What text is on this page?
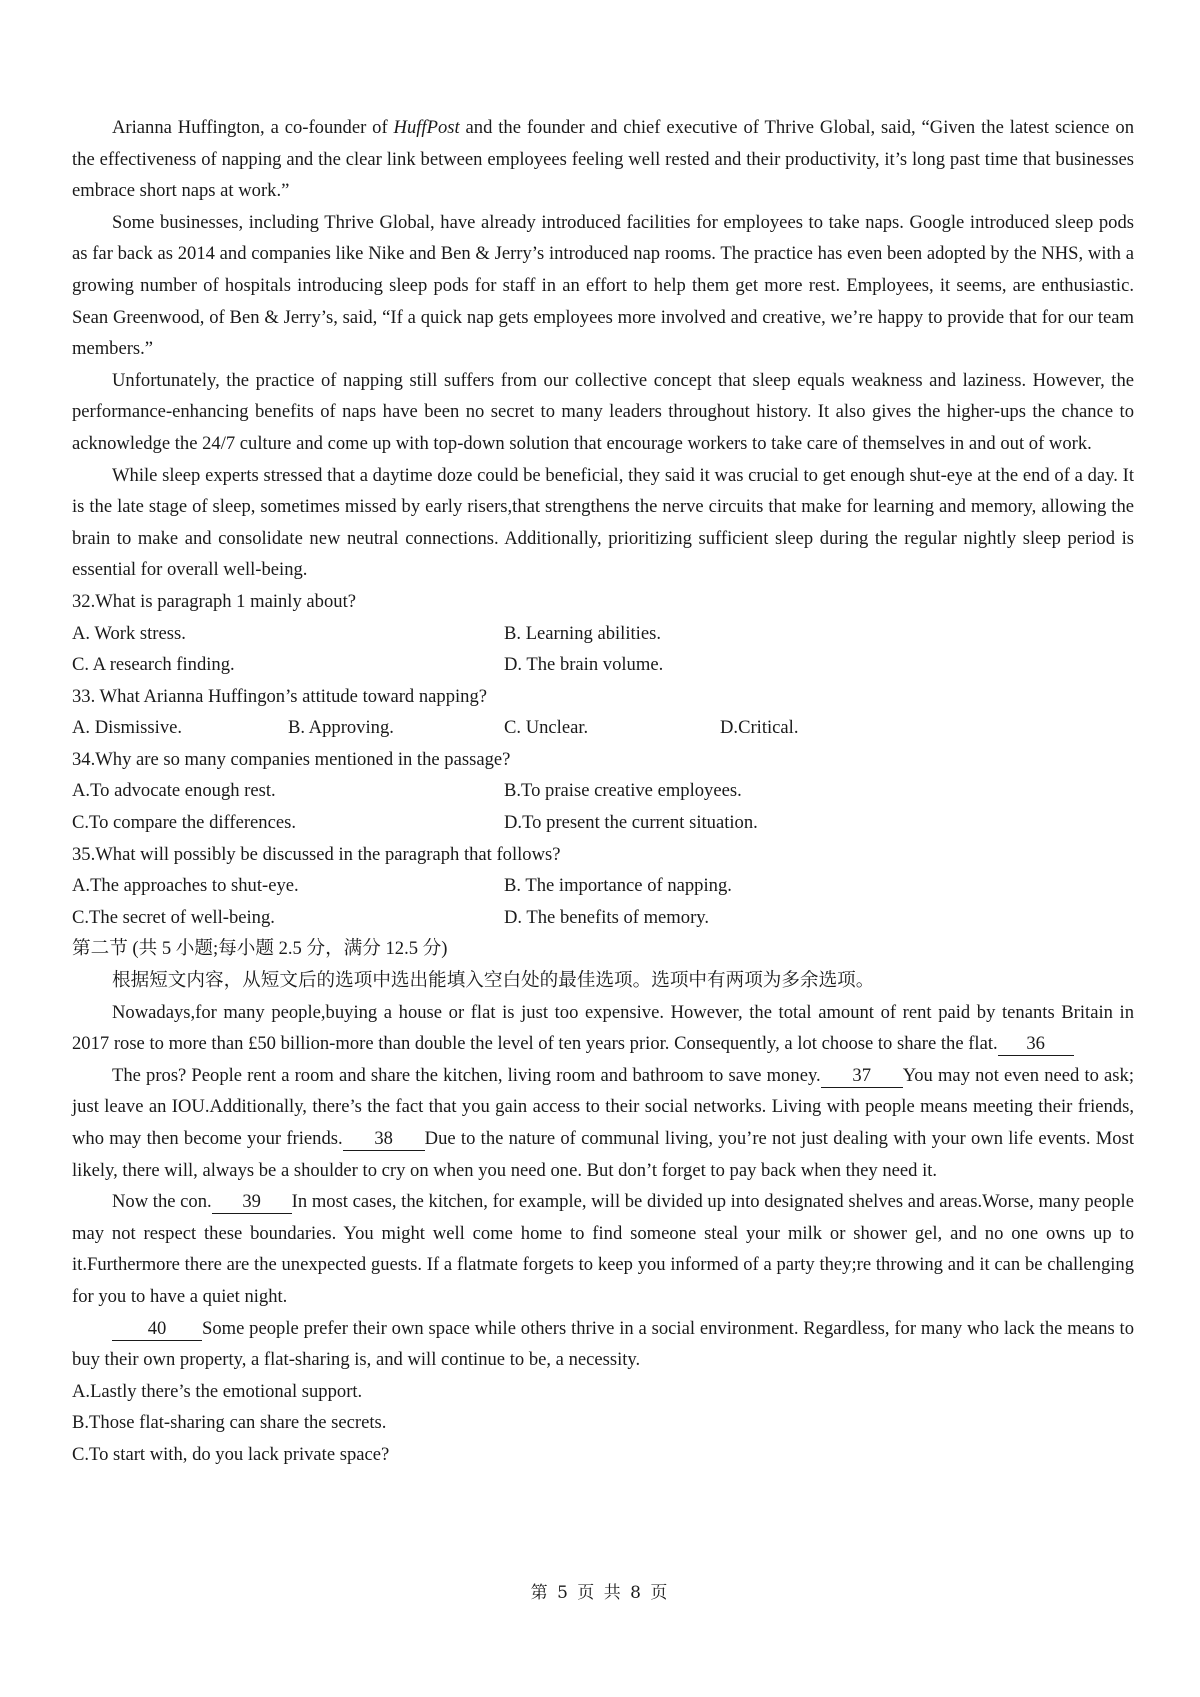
Arianna Huffington, a co-founder of HuffPost and the founder and chief executive of Thrive Global, said, “Given the latest science on the effectiveness of napping and the clear link between employees feeling well rested and their productivity, it’s long past time that businesses embrace short naps at work.”

Some businesses, including Thrive Global, have already introduced facilities for employees to take naps. Google introduced sleep pods as far back as 2014 and companies like Nike and Ben & Jerry’s introduced nap rooms. The practice has even been adopted by the NHS, with a growing number of hospitals introducing sleep pods for staff in an effort to help them get more rest. Employees, it seems, are enthusiastic. Sean Greenwood, of Ben & Jerry’s, said, “If a quick nap gets employees more involved and creative, we’re happy to provide that for our team members.”

Unfortunately, the practice of napping still suffers from our collective concept that sleep equals weakness and laziness. However, the performance-enhancing benefits of naps have been no secret to many leaders throughout history. It also gives the higher-ups the chance to acknowledge the 24/7 culture and come up with top-down solution that encourage workers to take care of themselves in and out of work.

While sleep experts stressed that a daytime doze could be beneficial, they said it was crucial to get enough shut-eye at the end of a day. It is the late stage of sleep, sometimes missed by early risers,that strengthens the nerve circuits that make for learning and memory, allowing the brain to make and consolidate new neutral connections. Additionally, prioritizing sufficient sleep during the regular nightly sleep period is essential for overall well-being.

32.What is paragraph 1 mainly about?

A. Work stress.	B. Learning abilities.
C. A research finding.	D. The brain volume.

33. What Arianna Huffingon’s attitude toward napping?

A. Dismissive.	B. Approving.	C. Unclear.	D.Critical.

34.Why are so many companies mentioned in the passage?

A.To advocate enough rest.	B.To praise creative employees.
C.To compare the differences.	D.To present the current situation.

35.What will possibly be discussed in the paragraph that follows?

A.The approaches to shut-eye.	B. The importance of napping.
C.The secret of well-being.	D. The benefits of memory.

第二节 (共 5 小题;每小题 2.5 分，满分 12.5 分)

根据短文内容，从短文后的选项中选出能填入空白处的最佳选项。选项中有两项为多余选项。

Nowadays,for many people,buying a house or flat is just too expensive. However, the total amount of rent paid by tenants Britain in 2017 rose to more than £50 billion-more than double the level of ten years prior. Consequently, a lot choose to share the flat. 36

The pros? People rent a room and share the kitchen, living room and bathroom to save money. 37 You may not even need to ask; just leave an IOU.Additionally, there’s the fact that you gain access to their social networks. Living with people means meeting their friends, who may then become your friends. 38 Due to the nature of communal living, you’re not just dealing with your own life events. Most likely, there will, always be a shoulder to cry on when you need one. But don’t forget to pay back when they need it.

Now the con. 39 In most cases, the kitchen, for example, will be divided up into designated shelves and areas.Worse, many people may not respect these boundaries. You might well come home to find someone steal your milk or shower gel, and no one owns up to it.Furthermore there are the unexpected guests. If a flatmate forgets to keep you informed of a party they;re throwing and it can be challenging for you to have a quiet night.

40 Some people prefer their own space while others thrive in a social environment. Regardless, for many who lack the means to buy their own property, a flat-sharing is, and will continue to be, a necessity.

A.Lastly there’s the emotional support.

B.Those flat-sharing can share the secrets.

C.To start with, do you lack private space?

第 5 页 共 8 页
